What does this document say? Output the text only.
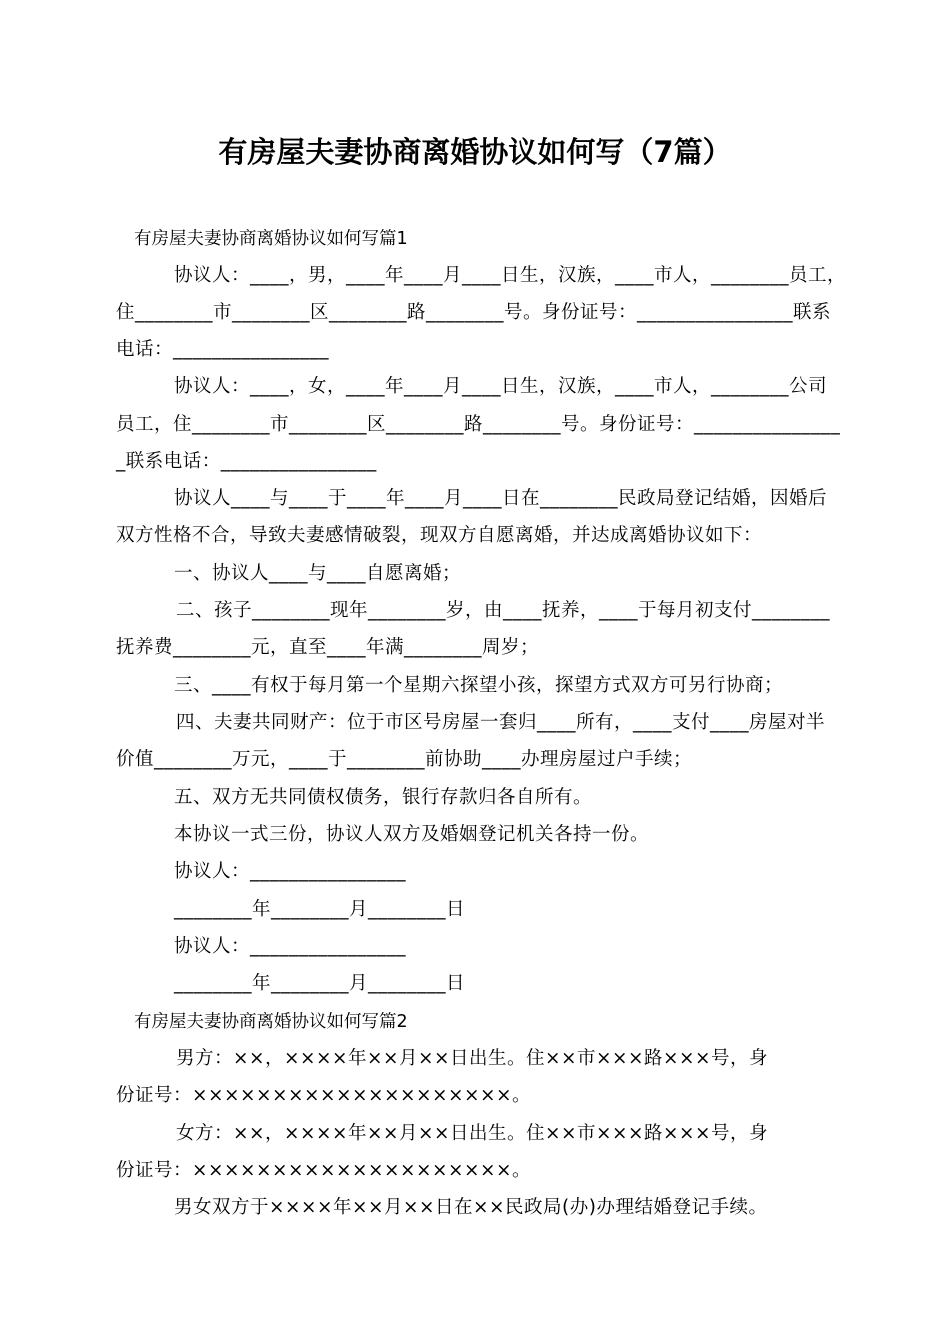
有房屋夫妻协商离婚协议如何写（7篇）
有房屋夫妻协商离婚协议如何写篇1
协议人：____，男，____年____月____日生，汉族，____市人，________员工，
住________市________区________路________号。身份证号：________________联系
电话：________________
协议人：____，女，____年____月____日生，汉族，____市人，________公司
员工，住________市________区________路________号。身份证号：_______________
_联系电话：________________
协议人____与____于____年____月____日在________民政局登记结婚，因婚后
双方性格不合，导致夫妻感情破裂，现双方自愿离婚，并达成离婚协议如下：
一、协议人____与____自愿离婚；
二、孩子________现年________岁，由____抚养，____于每月初支付________
抚养费________元，直至____年满________周岁；
三、____有权于每月第一个星期六探望小孩，探望方式双方可另行协商；
四、夫妻共同财产：位于市区号房屋一套归____所有，____支付____房屋对半
价值________万元，____于________前协助____办理房屋过户手续；
五、双方无共同债权债务，银行存款归各自所有。
本协议一式三份，协议人双方及婚姻登记机关各持一份。
协议人：________________
________年________月________日
协议人：________________
________年________月________日
有房屋夫妻协商离婚协议如何写篇2
男方：××，××××年××月××日出生。住××市×××路×××号，身
份证号：××××××××××××××××××××。
女方：××，××××年××月××日出生。住××市×××路×××号，身
份证号：××××××××××××××××××××。
男女双方于××××年××月××日在××民政局(办)办理结婚登记手续。
